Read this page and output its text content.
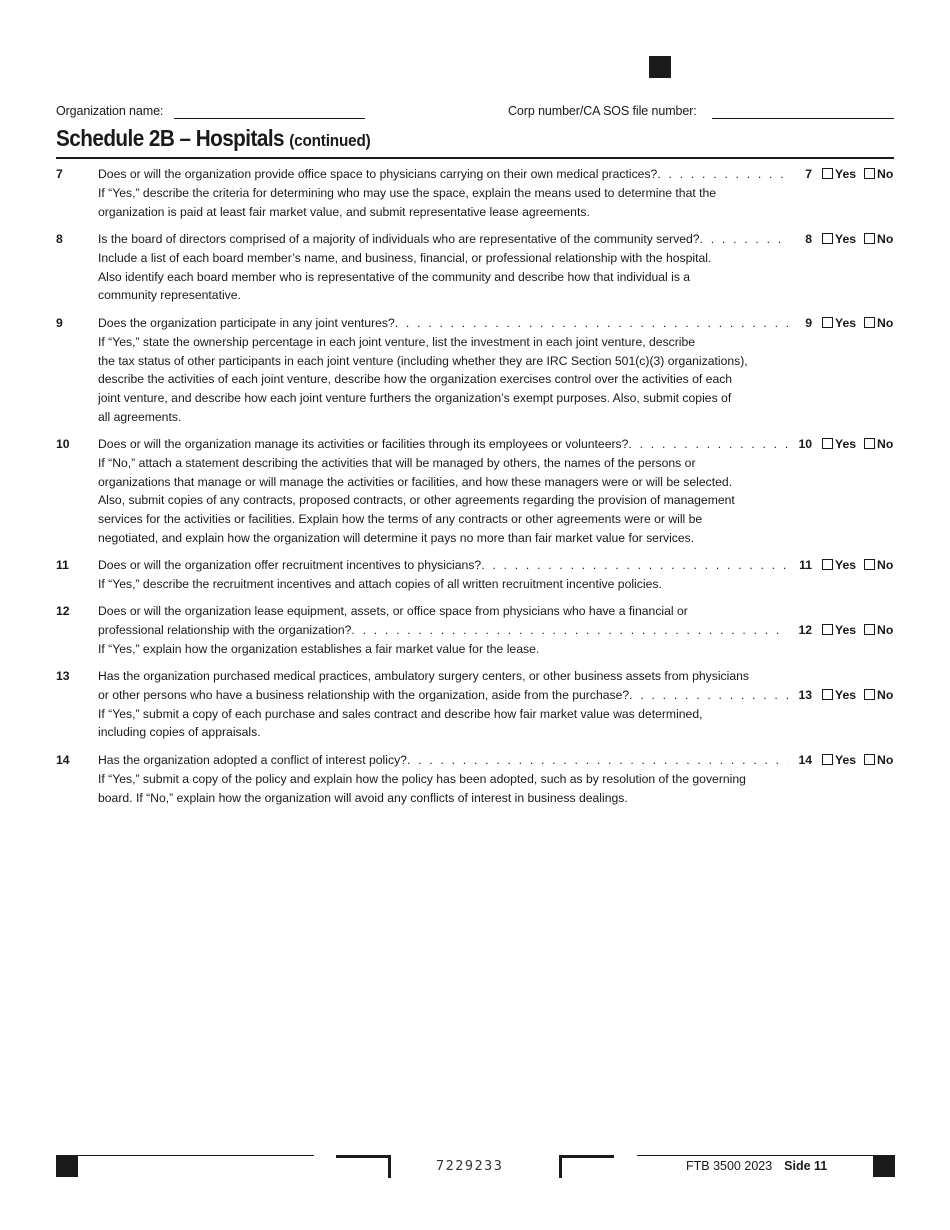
Organization name:	Corp number/CA SOS file number:
Schedule 2B – Hospitals (continued)
7	Does or will the organization provide office space to physicians carrying on their own medical practices?
. . .
If “Yes,” describe the criteria for determining who may use the space, explain the means used to determine that the
organization is paid at least fair market value, and submit representative lease agreements.
7 Yes No
8	Is the board of directors comprised of a majority of individuals who are representative of the community served?
. . .
Include a list of each board member’s name, and business, financial, or professional relationship with the hospital.
Also identify each board member who is representative of the community and describe how that individual is a
community representative.
8 Yes No
9	Does the organization participate in any joint ventures?
. . .
If “Yes,” state the ownership percentage in each joint venture, list the investment in each joint venture, describe
the tax status of other participants in each joint venture (including whether they are IRC Section 501(c)(3) organizations),
describe the activities of each joint venture, describe how the organization exercises control over the activities of each
joint venture, and describe how each joint venture furthers the organization’s exempt purposes. Also, submit copies of
all agreements.
9 Yes No
10 Does or will the organization manage its activities or facilities through its employees or volunteers?
. . .
If “No,” attach a statement describing the activities that will be managed by others, the names of the persons or
organizations that manage or will manage the activities or facilities, and how these managers were or will be selected.
Also, submit copies of any contracts, proposed contracts, or other agreements regarding the provision of management
services for the activities or facilities. Explain how the terms of any contracts or other agreements were or will be
negotiated, and explain how the organization will determine it pays no more than fair market value for services.
10 Yes No
11 Does or will the organization offer recruitment incentives to physicians?
. . .
If “Yes,” describe the recruitment incentives and attach copies of all written recruitment incentive policies.
11 Yes No
12 Does or will the organization lease equipment, assets, or office space from physicians who have a financial or
professional relationship with the organization?
. . .
If “Yes,” explain how the organization establishes a fair market value for the lease.
12 Yes No
13 Has the organization purchased medical practices, ambulatory surgery centers, or other business assets from physicians
or other persons who have a business relationship with the organization, aside from the purchase?
. . .
If “Yes,” submit a copy of each purchase and sales contract and describe how fair market value was determined,
including copies of appraisals.
13 Yes No
14 Has the organization adopted a conflict of interest policy?
. . .
If “Yes,” submit a copy of the policy and explain how the policy has been adopted, such as by resolution of the governing
board. If “No,” explain how the organization will avoid any conflicts of interest in business dealings.
14 Yes No
7229233	FTB 3500 2023 Side 11
